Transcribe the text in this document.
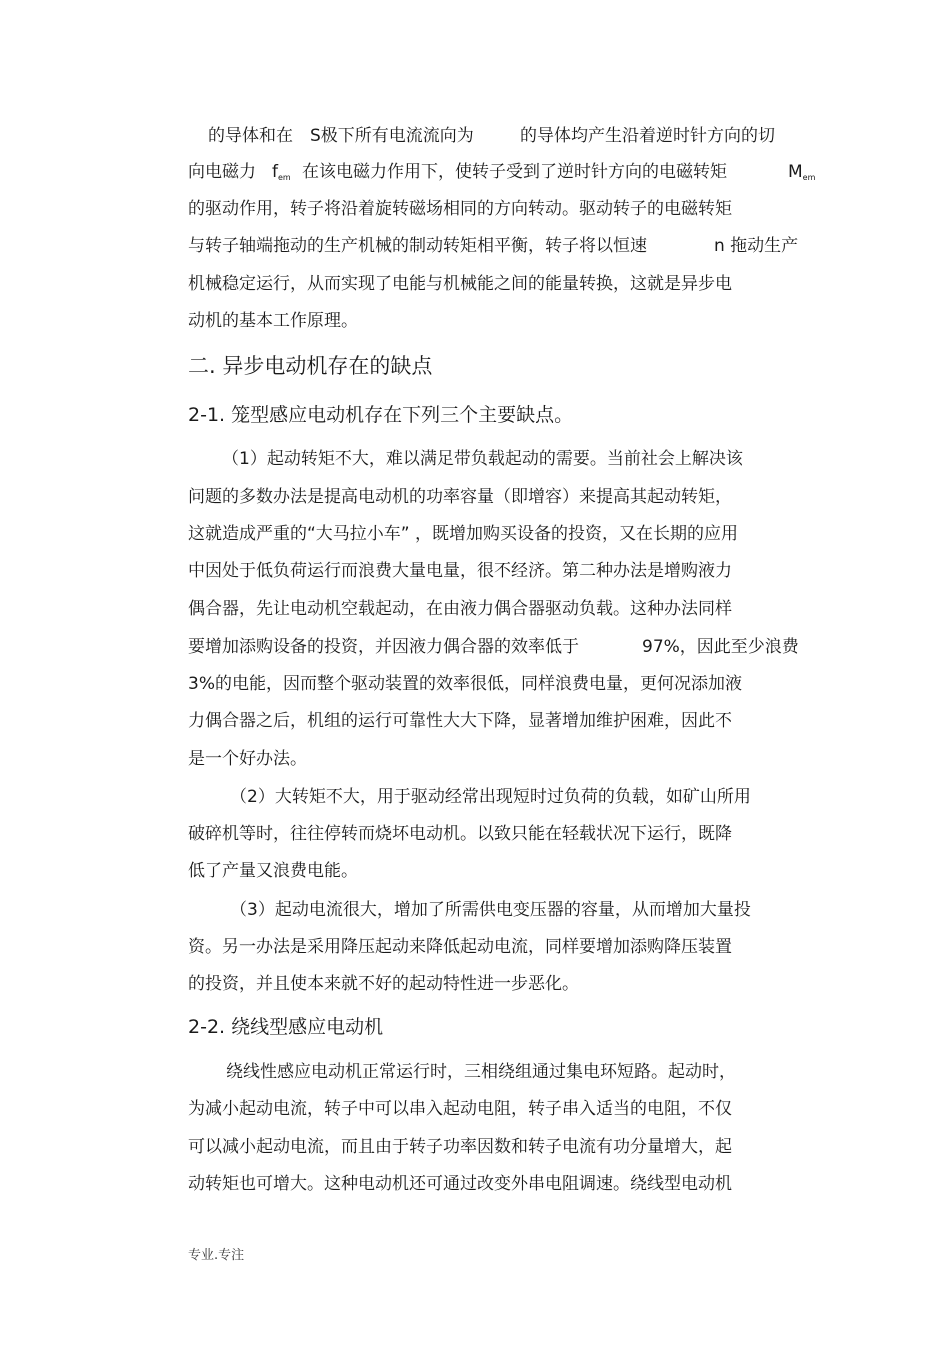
的导体和在 S极下所有电流流向为	的导体均产生沿着逆时针方向的切
向电磁力 $f_{em}$ 在该电磁力作用下，使转子受到了逆时针方向的电磁转矩	$M_{em}$
的驱动作用，转子将沿着旋转磁场相同的方向转动。驱动转子的电磁转矩
与转子轴端拖动的生产机械的制动转矩相平衡，转子将以恒速	n 拖动生产
机械稳定运行，从而实现了电能与机械能之间的能量转换，这就是异步电
动机的基本工作原理。
二. 异步电动机存在的缺点
2-1. 笼型感应电动机存在下列三个主要缺点。
（1）起动转矩不大，难以满足带负载起动的需要。当前社会上解决该
问题的多数办法是提高电动机的功率容量（即增容）来提高其起动转矩，
这就造成严重的“大马拉小车” ，既增加购买设备的投资，又在长期的应用
中因处于低负荷运行而浪费大量电量，很不经济。第二种办法是增购液力
偶合器，先让电动机空载起动，在由液力偶合器驱动负载。这种办法同样
要增加添购设备的投资，并因液力偶合器的效率低于	97%，因此至少浪费
3%的电能，因而整个驱动装置的效率很低，同样浪费电量，更何况添加液
力偶合器之后，机组的运行可靠性大大下降，显著增加维护困难，因此不
是一个好办法。
（2）大转矩不大，用于驱动经常出现短时过负荷的负载，如矿山所用
破碎机等时，往往停转而烧坏电动机。以致只能在轻载状况下运行，既降
低了产量又浪费电能。
（3）起动电流很大，增加了所需供电变压器的容量，从而增加大量投
资。另一办法是采用降压起动来降低起动电流，同样要增加添购降压装置
的投资，并且使本来就不好的起动特性进一步恶化。
2-2. 绕线型感应电动机
绕线性感应电动机正常运行时，三相绕组通过集电环短路。起动时，
为减小起动电流，转子中可以串入起动电阻，转子串入适当的电阻，不仅
可以减小起动电流，而且由于转子功率因数和转子电流有功分量增大，起
动转矩也可增大。这种电动机还可通过改变外串电阻调速。绕线型电动机
专业.专注
